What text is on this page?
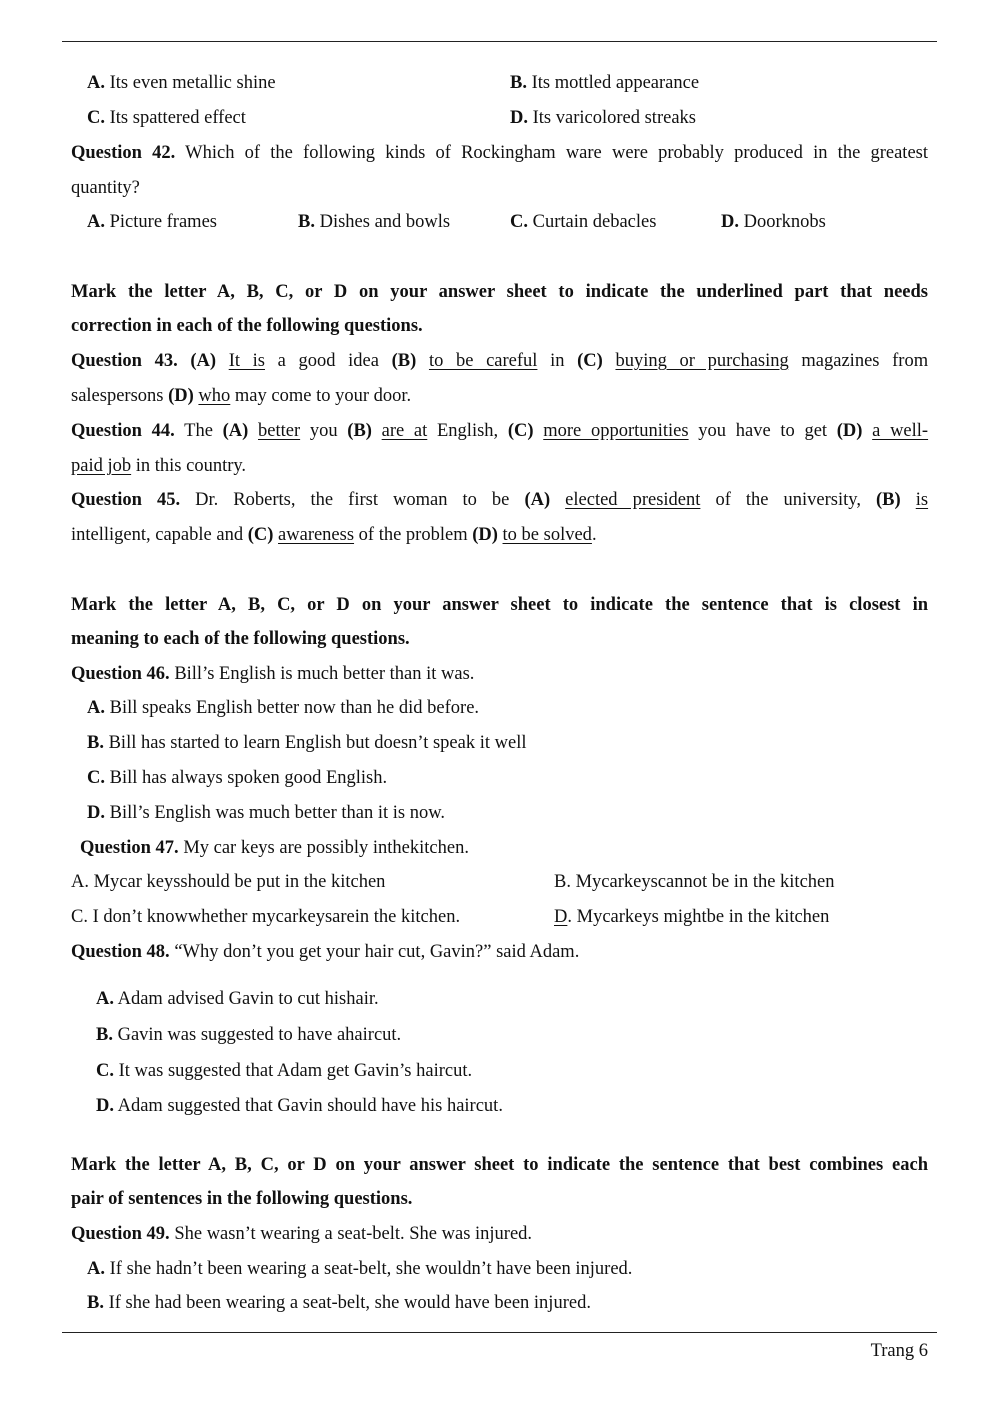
A. Its even metallic shine	B. Its mottled appearance
C. Its spattered effect	D. Its varicolored streaks
Question 42. Which of the following kinds of Rockingham ware were probably produced in the greatest
quantity?
A. Picture frames	B. Dishes and bowls	C. Curtain debacles	D. Doorknobs
Mark the letter A, B, C, or D on your answer sheet to indicate the underlined part that needs
correction in each of the following questions.
Question 43. (A) It is a good idea (B) to be careful in (C) buying or purchasing magazines from
salespersons (D) who may come to your door.
Question 44. The (A) better you (B) are at English, (C) more opportunities you have to get (D) a well-
paid job in this country.
Question 45. Dr. Roberts, the first woman to be (A) elected president of the university, (B) is
intelligent, capable and (C) awareness of the problem (D) to be solved.
Mark the letter A, B, C, or D on your answer sheet to indicate the sentence that is closest in
meaning to each of the following questions.
Question 46. Bill’s English is much better than it was.
A. Bill speaks English better now than he did before.
B. Bill has started to learn English but doesn’t speak it well
C. Bill has always spoken good English.
D. Bill’s English was much better than it is now.
Question 47. My car keys are possibly inthekitchen.
A. Mycar keysshould be put in the kitchen	B. Mycarkeyscannot be in the kitchen
C. I don’t knowwhether mycarkeysarein the kitchen.	D. Mycarkeys mightbe in the kitchen
Question 48. “Why don’t you get your hair cut, Gavin?” said Adam.
A. Adam advised Gavin to cut hishair.
B. Gavin was suggested to have ahaircut.
C. It was suggested that Adam get Gavin’s haircut.
D. Adam suggested that Gavin should have his haircut.
Mark the letter A, B, C, or D on your answer sheet to indicate the sentence that best combines each
pair of sentences in the following questions.
Question 49. She wasn’t wearing a seat-belt. She was injured.
A. If she hadn’t been wearing a seat-belt, she wouldn’t have been injured.
B. If she had been wearing a seat-belt, she would have been injured.
Trang 6
